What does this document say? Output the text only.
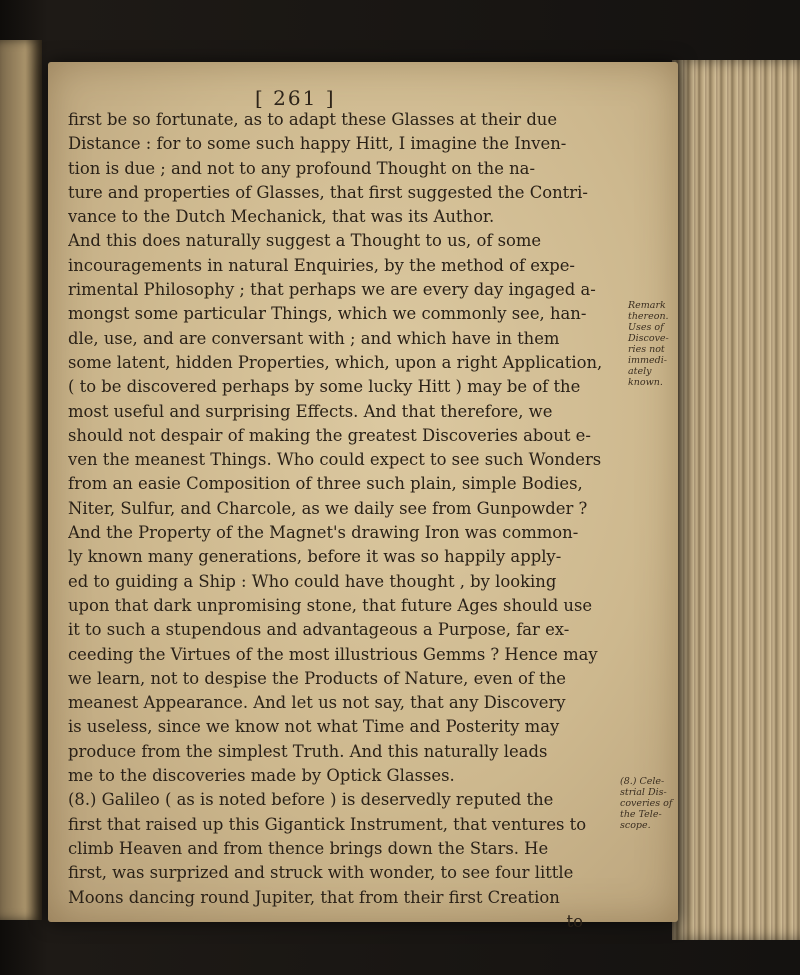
[ 261 ]
first be so fortunate, as to adapt these Glasses at their due
Distance : for to some such happy Hitt, I imagine the Inven-
tion is due ; and not to any profound Thought on the na-
ture and properties of Glasses, that first suggested the Contri-
vance to the Dutch Mechanick, that was its Author.
And this does naturally suggest a Thought to us, of some
incouragements in natural Enquiries, by the method of expe-
rimental Philosophy ; that perhaps we are every day ingaged a-
mongst some particular Things, which we commonly see, han-
dle, use, and are conversant with ; and which have in them
some latent, hidden Properties, which, upon a right Application,
( to be discovered perhaps by some lucky Hitt ) may be of the
most useful and surprising Effects. And that therefore, we
should not despair of making the greatest Discoveries about e-
ven the meanest Things. Who could expect to see such Wonders
from an easie Composition of three such plain, simple Bodies,
Niter, Sulfur, and Charcole, as we daily see from Gunpowder ?
And the Property of the Magnet's drawing Iron was common-
ly known many generations, before it was so happily apply-
ed to guiding a Ship : Who could have thought , by looking
upon that dark unpromising stone, that future Ages should use
it to such a stupendous and advantageous a Purpose, far ex-
ceeding the Virtues of the most illustrious Gemms ? Hence may
we learn, not to despise the Products of Nature, even of the
meanest Appearance. And let us not say, that any Discovery
is useless, since we know not what Time and Posterity may
produce from the simplest Truth. And this naturally leads
me to the discoveries made by Optick Glasses.
(8.) Galileo ( as is noted before ) is deservedly reputed the
first that raised up this Gigantick Instrument, that ventures to
climb Heaven and from thence brings down the Stars. He
first, was surprized and struck with wonder, to see four little
Moons dancing round Jupiter, that from their first Creation
to
Remark
thereon.
Uses of
Discove-
ries not
immedi-
ately
known.
(8.) Cele-
strial Dis-
coveries of
the Tele-
scope.
